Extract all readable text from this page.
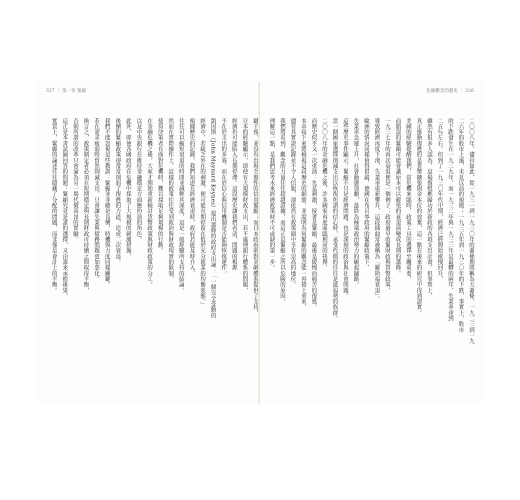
327 ｜ 第一章 緊縮
鍵干預，並沒有出現全盤性的信用緊縮；而日本政府則對金融體系提供了支持，
日本的經驗顯示，即使有大規模財政支出，若不處理銀行體系的問題，
經濟仍可能陷入長期停滯。這段歷史讓我們看清，問題的根源
不在於支出的多寡，而在於信心與信用機制是否能夠恢復運作。
凱因斯（John Maynard Keynes）提出蕭條的政府支出論：「一個完全受動的
經濟中，若缺乏外在的刺激，便可能長期停留在低於充分就業的均衡狀態。」
根據歷史的記錄，我們知道在經濟衰退時，政府若能及時介入，
往往可以縮短衰退的時間並減輕其深度，這是一般經驗所支持的結論。
然而在實際操作上，這樣的政策往往受到政治與財政現實的限制，
使得決策者在面對危機時，難以採取足夠規模的行動。
在金融危機之後，大家才開始重新檢討貨幣政策與財政政策的分工，
以及中央銀行在維持金融穩定方面應扮演的角色。
此外，即使各國政府在危機中採取了大規模的刺激措施，
後續的緊縮政策卻常常削弱了復甦的力道，造成二次衰退。
我們不能忽視這些教訓：緊縮並非總是良藥，時機與力度同樣關鍵。
若在需求疲弱時貿然削減支出，只會讓失業與債務問題更加惡化。
換言之，政策制定者必須在短期穩定與長期財政可持續之間取得平衡，
否則所謂的改革只會淪為另一場代價高昂的實驗。
這正是本書試圖回答的問題：緊縮究竟是誰的選擇，又由誰來承擔後果。
實質上，緊縮的論述往往隱藏了分配的問題，而非僅是會計上的平衡。
危險觀念的歷史 ｜ 326
二〇〇八年，儘管如此，從一九三一到一九三〇年的蕭條期間稱為大蕭條，一九二三到一九
二六年的股市上漲，未見以前的規模；一九三五年到一九三〇年的下跌，事實上，股市
的下跌發生在一九二九年，而一九三二年與一九三三年是最糟的兩年，失業率達到
二五％左右。但到了一九三〇年代中期，經濟已經開始緩慢回升，
雖然有很多人認為，這場復甦應歸功於新政的各項支出計畫，但事實上，
真正推動復甦的是貨幣擴張與金本位的放棄，這一點在後來的研究中得到證實。
美國的經驗提醒我們，當危機來臨時，政策工具的選擇至關重要，
而錯誤的緊縮可能會讓原本可以避免的衰退演變成長期的蕭條。
一九三七年的再次衰退便是一個例子：政府過早收緊財政與貨幣政策，
導致經濟再度下滑，失業率重新攀升，這段插曲常被稱為「羅斯福衰退」。
歐洲的情況同樣值得借鏡，德國在布呂寧政府的緊縮政策下，
失業率急遽上升，社會動盪加劇，最終為極端政治勢力的崛起鋪路。
這些歷史事件顯示，緊縮不只是經濟問題，也是深刻的政治與社會問題。
當一個國家選擇削減支出以恢復所謂的信心時，承受代價的往往是最弱勢的族群。
二〇〇八年的金融危機之後，許多國家再度面臨相同的抉擇，
而歷史似乎又一次重演：先是刺激，接著是緊縮，最後是緩慢而痛苦的復甦。
本章接下來將檢視這段歷史的細節，並說明為何緊縮的觀念能一再捲土重來，
儘管其實證記錄並不令人信服，卻依然在政策圈中享有崇高的地位。
我們將看到，觀念的力量往往超越證據，而這正是緊縮之所以危險的原因。
理解這一點，是我們思考未來經濟政策時不可或缺的第一步。
